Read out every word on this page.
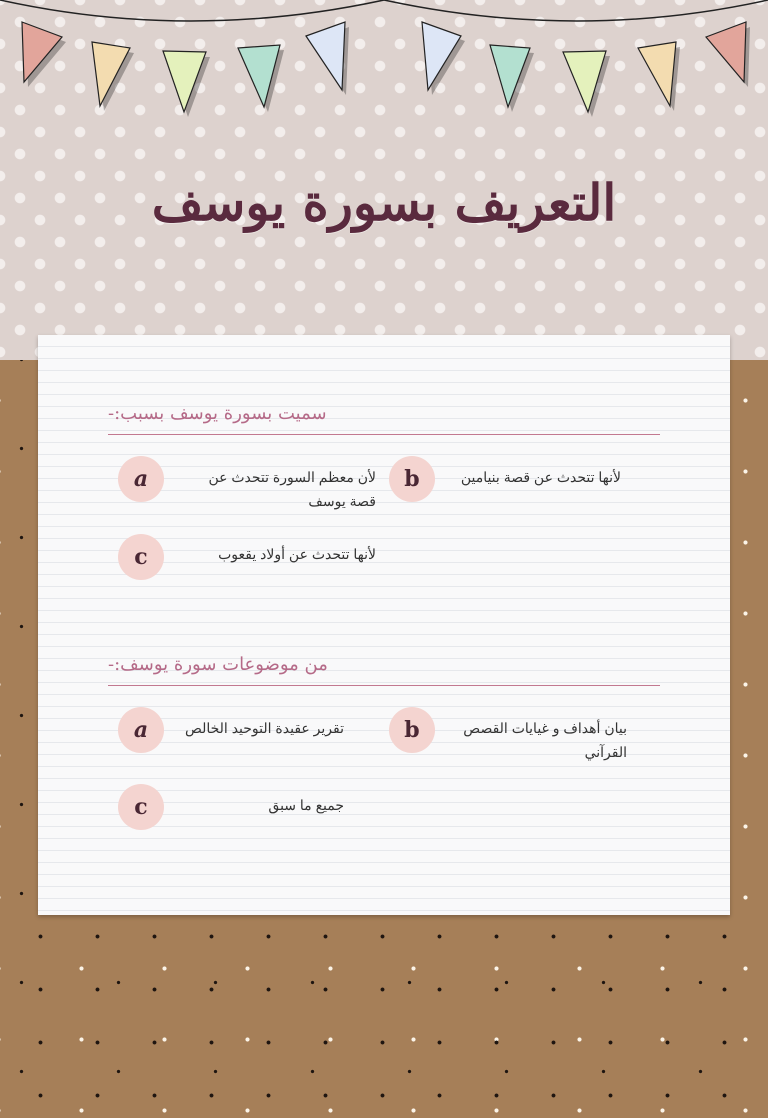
التعريف بسورة يوسف
سميت بسورة يوسف بسبب:-
a	لأن معظم السورة تتحدث عن قصة يوسف
b	لأنها تتحدث عن قصة بنيامين
c	لأنها تتحدث عن أولاد يقعوب
من موضوعات سورة يوسف:-
a	تقرير عقيدة التوحيد الخالص	b	بيان أهداف و غيايات القصص القرآني
c	جميع ما سبق
